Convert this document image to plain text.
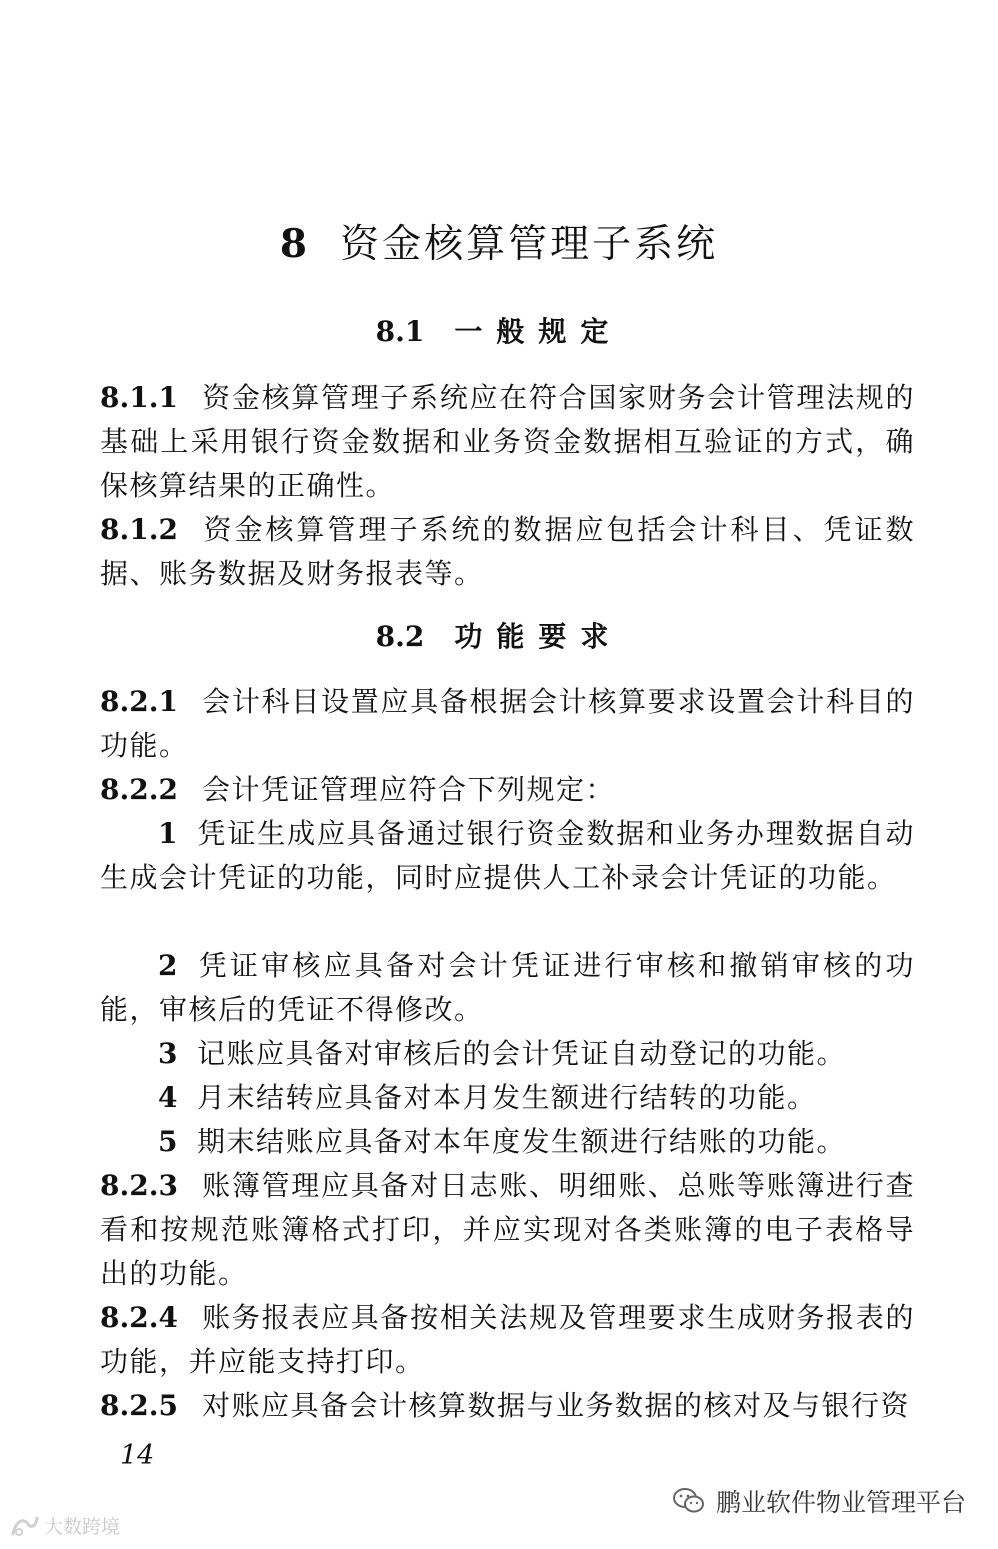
8 资金核算管理子系统
8.1 一般规定
8.1.1 资金核算管理子系统应在符合国家财务会计管理法规的基础上采用银行资金数据和业务资金数据相互验证的方式，确保核算结果的正确性。
8.1.2 资金核算管理子系统的数据应包括会计科目、凭证数据、账务数据及财务报表等。
8.2 功能要求
8.2.1 会计科目设置应具备根据会计核算要求设置会计科目的功能。
8.2.2 会计凭证管理应符合下列规定：
1 凭证生成应具备通过银行资金数据和业务办理数据自动生成会计凭证的功能，同时应提供人工补录会计凭证的功能。
2 凭证审核应具备对会计凭证进行审核和撤销审核的功能，审核后的凭证不得修改。
3 记账应具备对审核后的会计凭证自动登记的功能。
4 月末结转应具备对本月发生额进行结转的功能。
5 期末结账应具备对本年度发生额进行结账的功能。
8.2.3 账簿管理应具备对日志账、明细账、总账等账簿进行查看和按规范账簿格式打印，并应实现对各类账簿的电子表格导出的功能。
8.2.4 账务报表应具备按相关法规及管理要求生成财务报表的功能，并应能支持打印。
8.2.5 对账应具备会计核算数据与业务数据的核对及与银行资
14
鹏业软件物业管理平台
大数跨境
